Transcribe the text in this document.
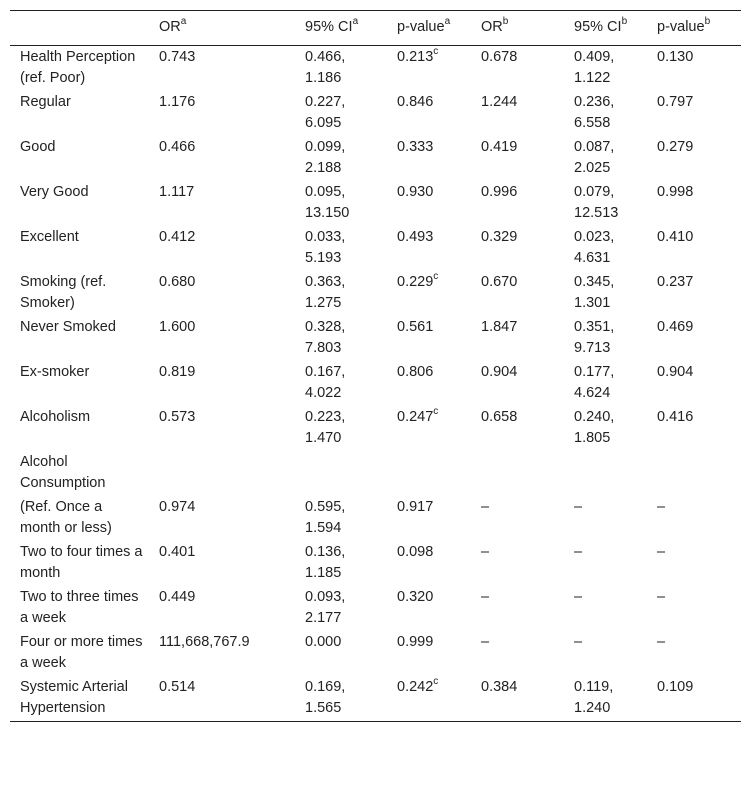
	$OR^a$	95% $CI^a$	p-value$^a$	$OR^b$	95% $CI^b$	p-value$^b$
Health Perception (ref. Poor)	0.743	0.466, 1.186	0.213$^c$	0.678	0.409, 1.122	0.130
Regular	1.176	0.227, 6.095	0.846	1.244	0.236, 6.558	0.797
Good	0.466	0.099, 2.188	0.333	0.419	0.087, 2.025	0.279
Very Good	1.117	0.095, 13.150	0.930	0.996	0.079, 12.513	0.998
Excellent	0.412	0.033, 5.193	0.493	0.329	0.023, 4.631	0.410
Smoking (ref. Smoker)	0.680	0.363, 1.275	0.229$^c$	0.670	0.345, 1.301	0.237
Never Smoked	1.600	0.328, 7.803	0.561	1.847	0.351, 9.713	0.469
Ex-smoker	0.819	0.167, 4.022	0.806	0.904	0.177, 4.624	0.904
Alcoholism	0.573	0.223, 1.470	0.247$^c$	0.658	0.240, 1.805	0.416
Alcohol Consumption						
(Ref. Once a month or less)	0.974	0.595, 1.594	0.917	–	–	–
Two to four times a month	0.401	0.136, 1.185	0.098	–	–	–
Two to three times a week	0.449	0.093, 2.177	0.320	–	–	–
Four or more times a week	111,668,767.9	0.000	0.999	–	–	–
Systemic Arterial Hypertension	0.514	0.169, 1.565	0.242$^c$	0.384	0.119, 1.240	0.109
